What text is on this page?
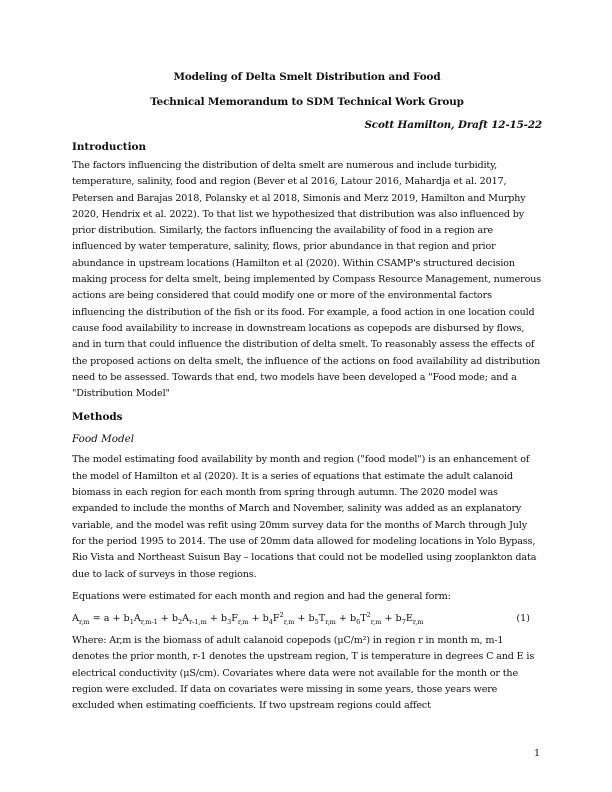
Modeling of Delta Smelt Distribution and Food

Technical Memorandum to SDM Technical Work Group

Scott Hamilton, Draft 12-15-22

Introduction

The factors influencing the distribution of delta smelt are numerous and include turbidity, temperature, salinity, food and region (Bever et al 2016, Latour 2016, Mahardja et al. 2017, Petersen and Barajas 2018, Polansky et al 2018, Simonis and Merz 2019, Hamilton and Murphy 2020, Hendrix et al. 2022). To that list we hypothesized that distribution was also influenced by prior distribution. Similarly, the factors influencing the availability of food in a region are influenced by water temperature, salinity, flows, prior abundance in that region and prior abundance in upstream locations (Hamilton et al (2020). Within CSAMP's structured decision making process for delta smelt, being implemented by Compass Resource Management, numerous actions are being considered that could modify one or more of the environmental factors influencing the distribution of the fish or its food. For example, a food action in one location could cause food availability to increase in downstream locations as copepods are disbursed by flows, and in turn that could influence the distribution of delta smelt. To reasonably assess the effects of the proposed actions on delta smelt, the influence of the actions on food availability ad distribution need to be assessed. Towards that end, two models have been developed a "Food mode; and a "Distribution Model"

Methods
Food Model

The model estimating food availability by month and region ("food model") is an enhancement of the model of Hamilton et al (2020). It is a series of equations that estimate the adult calanoid biomass in each region for each month from spring through autumn. The 2020 model was expanded to include the months of March and November, salinity was added as an explanatory variable, and the model was refit using 20mm survey data for the months of March through July for the period 1995 to 2014. The use of 20mm data allowed for modeling locations in Yolo Bypass, Rio Vista and Northeast Suisun Bay – locations that could not be modelled using zooplankton data due to lack of surveys in those regions.

Equations were estimated for each month and region and had the general form:

$A_{r,m} = a + b_1A_{r,m-1} + b_2A_{r-1,m} + b_3F_{r,m} + b_4F^2_{r,m} + b_5T_{r,m} + b_6T^2_{r,m} + b_7E_{r,m}$	(1)

Where: Ar,m is the biomass of adult calanoid copepods (μC/m²) in region r in month m, m-1 denotes the prior month, r-1 denotes the upstream region, T is temperature in degrees C and E is electrical conductivity (μS/cm). Covariates where data were not available for the month or the region were excluded. If data on covariates were missing in some years, those years were excluded when estimating coefficients. If two upstream regions could affect

1
